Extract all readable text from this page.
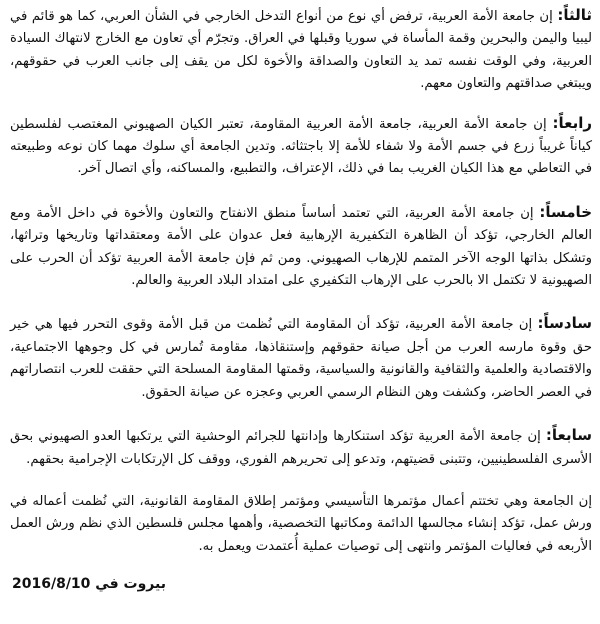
ثالثاً: إن جامعة الأمة العربية، ترفض أي نوع من أنواع التدخل الخارجي في الشأن العربي، كما هو قائم في ليبيا واليمن والبحرين وقمة المأساة في سوريا وقبلها في العراق. وتجرّم أي تعاون مع الخارج لانتهاك السيادة العربية، وفي الوقت نفسه تمد يد التعاون والصداقة والأخوة لكل من يقف إلى جانب العرب في حقوقهم، ويبتغي صداقتهم والتعاون معهم.

رابعاً: إن جامعة الأمة العربية، جامعة الأمة العربية المقاومة، تعتبر الكيان الصهيوني المغتصب لفلسطين كياناً غريباً زرع في جسم الأمة ولا شفاء للأمة إلا باجتثاثه. وتدين الجامعة أي سلوك مهما كان نوعه وطبيعته في التعاطي مع هذا الكيان الغريب بما في ذلك، الإعتراف، والتطبيع، والمساكنه، وأي اتصال آخر.

خامساً: إن جامعة الأمة العربية، التي تعتمد أساساً منطق الانفتاح والتعاون والأخوة في داخل الأمة ومع العالم الخارجي، تؤكد أن الظاهرة التكفيرية الإرهابية فعل عدوان على الأمة ومعتقداتها وتاريخها وتراثها، وتشكل بذاتها الوجه الآخر المتمم للإرهاب الصهيوني. ومن ثم فإن جامعة الأمة العربية تؤكد أن الحرب على الصهيونية لا تكتمل الا بالحرب على الإرهاب التكفيري على امتداد البلاد العربية والعالم.

سادساً: إن جامعة الأمة العربية، تؤكد أن المقاومة التي نُظمت من قبل الأمة وقوى التحرر فيها هي خير حق وقوة مارسه العرب من أجل صيانة حقوقهم وإستنقاذها، مقاومة تُمارس في كل وجوهها الاجتماعية، والاقتصادية والعلمية والثقافية والقانونية والسياسية، وقمتها المقاومة المسلحة التي حققت للعرب انتصاراتهم في العصر الحاضر، وكشفت وهن النظام الرسمي العربي وعجزه عن صيانة الحقوق.

سابعاً: إن جامعة الأمة العربية تؤكد استنكارها وإدانتها للجرائم الوحشية التي يرتكبها العدو الصهيوني بحق الأسرى الفلسطينيين، وتتبنى قضيتهم، وتدعو إلى تحريرهم الفوري، ووقف كل الإرتكابات الإجرامية بحقهم.

إن الجامعة وهي تختتم أعمال مؤتمرها التأسيسي ومؤتمر إطلاق المقاومة القانونية، التي نُظمت أعماله في ورش عمل، تؤكد إنشاء مجالسها الدائمة ومكاتبها التخصصية، وأهمها مجلس فلسطين الذي نظم ورش العمل الأربعه في فعاليات المؤتمر وانتهى إلى توصيات عملية أُعتمدت ويعمل به.

بيروت في 2016/8/10
